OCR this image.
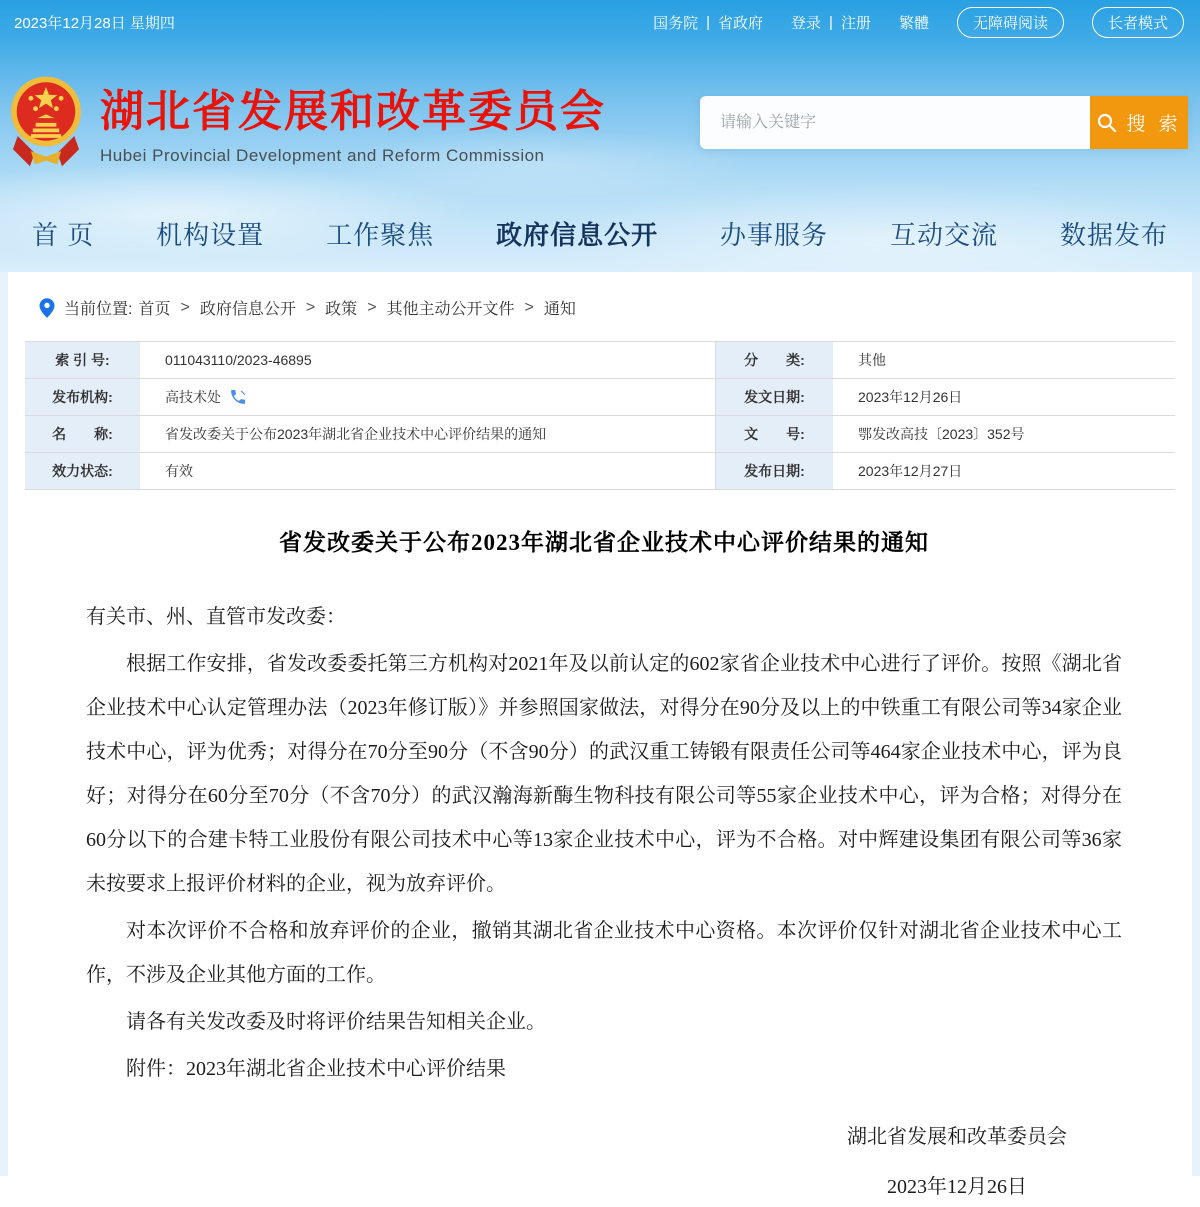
2023年12月28日 星期四	国务院 | 省政府 登录 | 注册 繁體	无障碍阅读	长者模式
湖北省发展和改革委员会
Hubei Provincial Development and Reform Commission
请输入关键字
搜 索
首 页 机构设置 工作聚焦 政府信息公开 办事服务 互动交流 数据发布
当前位置: 首页 > 政府信息公开 > 政策 > 其他主动公开文件 > 通知
索 引 号:	011043110/2023-46895	分　　类:	其他
发布机构:	高技术处	发文日期:	2023年12月26日
名　　称:	省发改委关于公布2023年湖北省企业技术中心评价结果的通知	文　　号:	鄂发改高技〔2023〕352号
效力状态:	有效	发布日期:	2023年12月27日
省发改委关于公布2023年湖北省企业技术中心评价结果的通知

有关市、州、直管市发改委：

根据工作安排，省发改委委托第三方机构对2021年及以前认定的602家省企业技术中心进行了评价。按照《湖北省企业技术中心认定管理办法（2023年修订版）》并参照国家做法，对得分在90分及以上的中铁重工有限公司等34家企业技术中心，评为优秀；对得分在70分至90分（不含90分）的武汉重工铸锻有限责任公司等464家企业技术中心，评为良好；对得分在60分至70分（不含70分）的武汉瀚海新酶生物科技有限公司等55家企业技术中心，评为合格；对得分在60分以下的合建卡特工业股份有限公司技术中心等13家企业技术中心，评为不合格。对中辉建设集团有限公司等36家未按要求上报评价材料的企业，视为放弃评价。

对本次评价不合格和放弃评价的企业，撤销其湖北省企业技术中心资格。本次评价仅针对湖北省企业技术中心工作，不涉及企业其他方面的工作。

请各有关发改委及时将评价结果告知相关企业。

附件：2023年湖北省企业技术中心评价结果

湖北省发展和改革委员会
2023年12月26日
